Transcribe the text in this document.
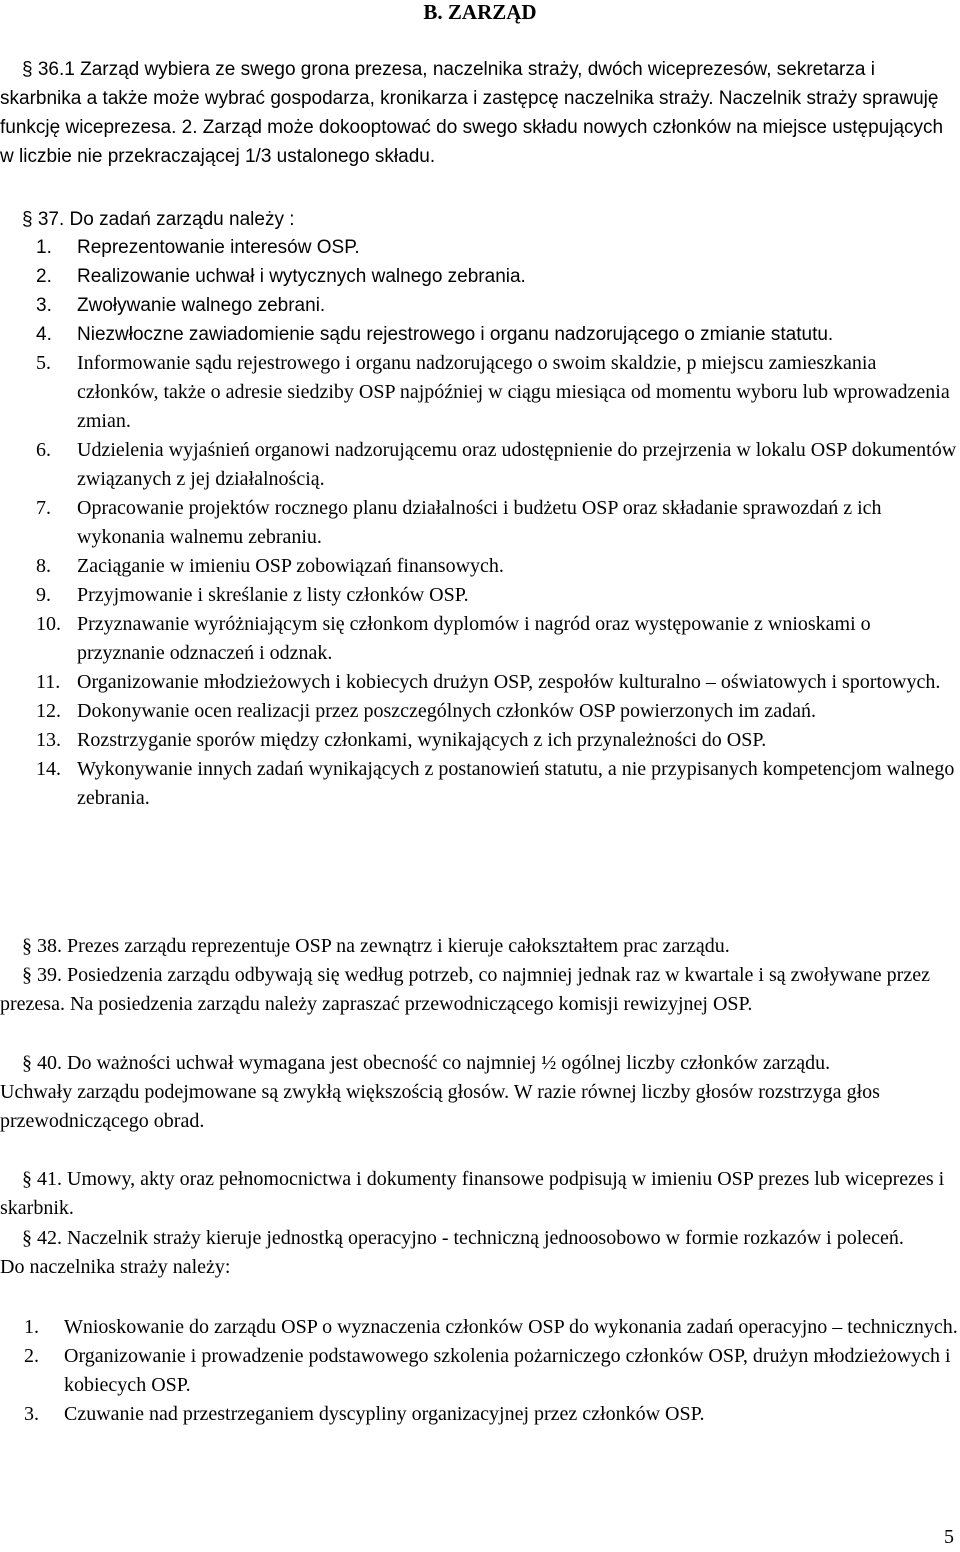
B. ZARZĄD

§ 36.1 Zarząd wybiera ze swego grona prezesa, naczelnika straży, dwóch wiceprezesów, sekretarza i skarbnika a także może wybrać gospodarza, kronikarza i zastępcę naczelnika straży. Naczelnik straży sprawuję funkcję wiceprezesa. 2. Zarząd może dokooptować do swego składu nowych członków na miejsce ustępujących w liczbie nie przekraczającej 1/3 ustalonego składu.

§ 37. Do zadań zarządu należy :

1. Reprezentowanie interesów OSP.
2. Realizowanie uchwał i wytycznych walnego zebrania.
3. Zwoływanie walnego zebrani.
4. Niezwłoczne zawiadomienie sądu rejestrowego i organu nadzorującego o zmianie statutu.
5. Informowanie sądu rejestrowego i organu nadzorującego o swoim skaldzie, p miejscu zamieszkania członków, także o adresie siedziby OSP najpóźniej w ciągu miesiąca od momentu wyboru lub wprowadzenia zmian.
6. Udzielenia wyjaśnień organowi nadzorującemu oraz udostępnienie do przejrzenia w lokalu OSP dokumentów związanych z jej działalnością.
7. Opracowanie projektów rocznego planu działalności i budżetu OSP oraz składanie sprawozdań z ich wykonania walnemu zebraniu.
8. Zaciąganie w imieniu OSP zobowiązań finansowych.
9. Przyjmowanie i skreślanie z listy członków OSP.
10. Przyznawanie wyróżniającym się członkom dyplomów i nagród oraz występowanie z wnioskami o przyznanie odznaczeń i odznak.
11. Organizowanie młodzieżowych i kobiecych drużyn OSP, zespołów kulturalno – oświatowych i sportowych.
12. Dokonywanie ocen realizacji przez poszczególnych członków OSP powierzonych im zadań.
13. Rozstrzyganie sporów między członkami, wynikających z ich przynależności do OSP.
14. Wykonywanie innych zadań wynikających z postanowień statutu, a nie przypisanych kompetencjom walnego zebrania.

§ 38. Prezes zarządu reprezentuje OSP na zewnątrz i kieruje całokształtem prac zarządu.

§ 39. Posiedzenia zarządu odbywają się według potrzeb, co najmniej jednak raz w kwartale i są zwoływane przez prezesa. Na posiedzenia zarządu należy zapraszać przewodniczącego komisji rewizyjnej OSP.

§ 40. Do ważności uchwał wymagana jest obecność co najmniej ½ ogólnej liczby członków zarządu.

Uchwały zarządu podejmowane są zwykłą większością głosów. W razie równej liczby głosów rozstrzyga głos przewodniczącego obrad.

§ 41. Umowy, akty oraz pełnomocnictwa i dokumenty finansowe podpisują w imieniu OSP prezes lub wiceprezes i skarbnik.

§ 42. Naczelnik straży kieruje jednostką operacyjno - techniczną jednoosobowo w formie rozkazów i poleceń.

Do naczelnika straży należy:

1. Wnioskowanie do zarządu OSP o wyznaczenia członków OSP do wykonania zadań operacyjno – technicznych.
2. Organizowanie i prowadzenie podstawowego szkolenia pożarniczego członków OSP, drużyn młodzieżowych i kobiecych OSP.
3. Czuwanie nad przestrzeganiem dyscypliny organizacyjnej przez członków OSP.
5
